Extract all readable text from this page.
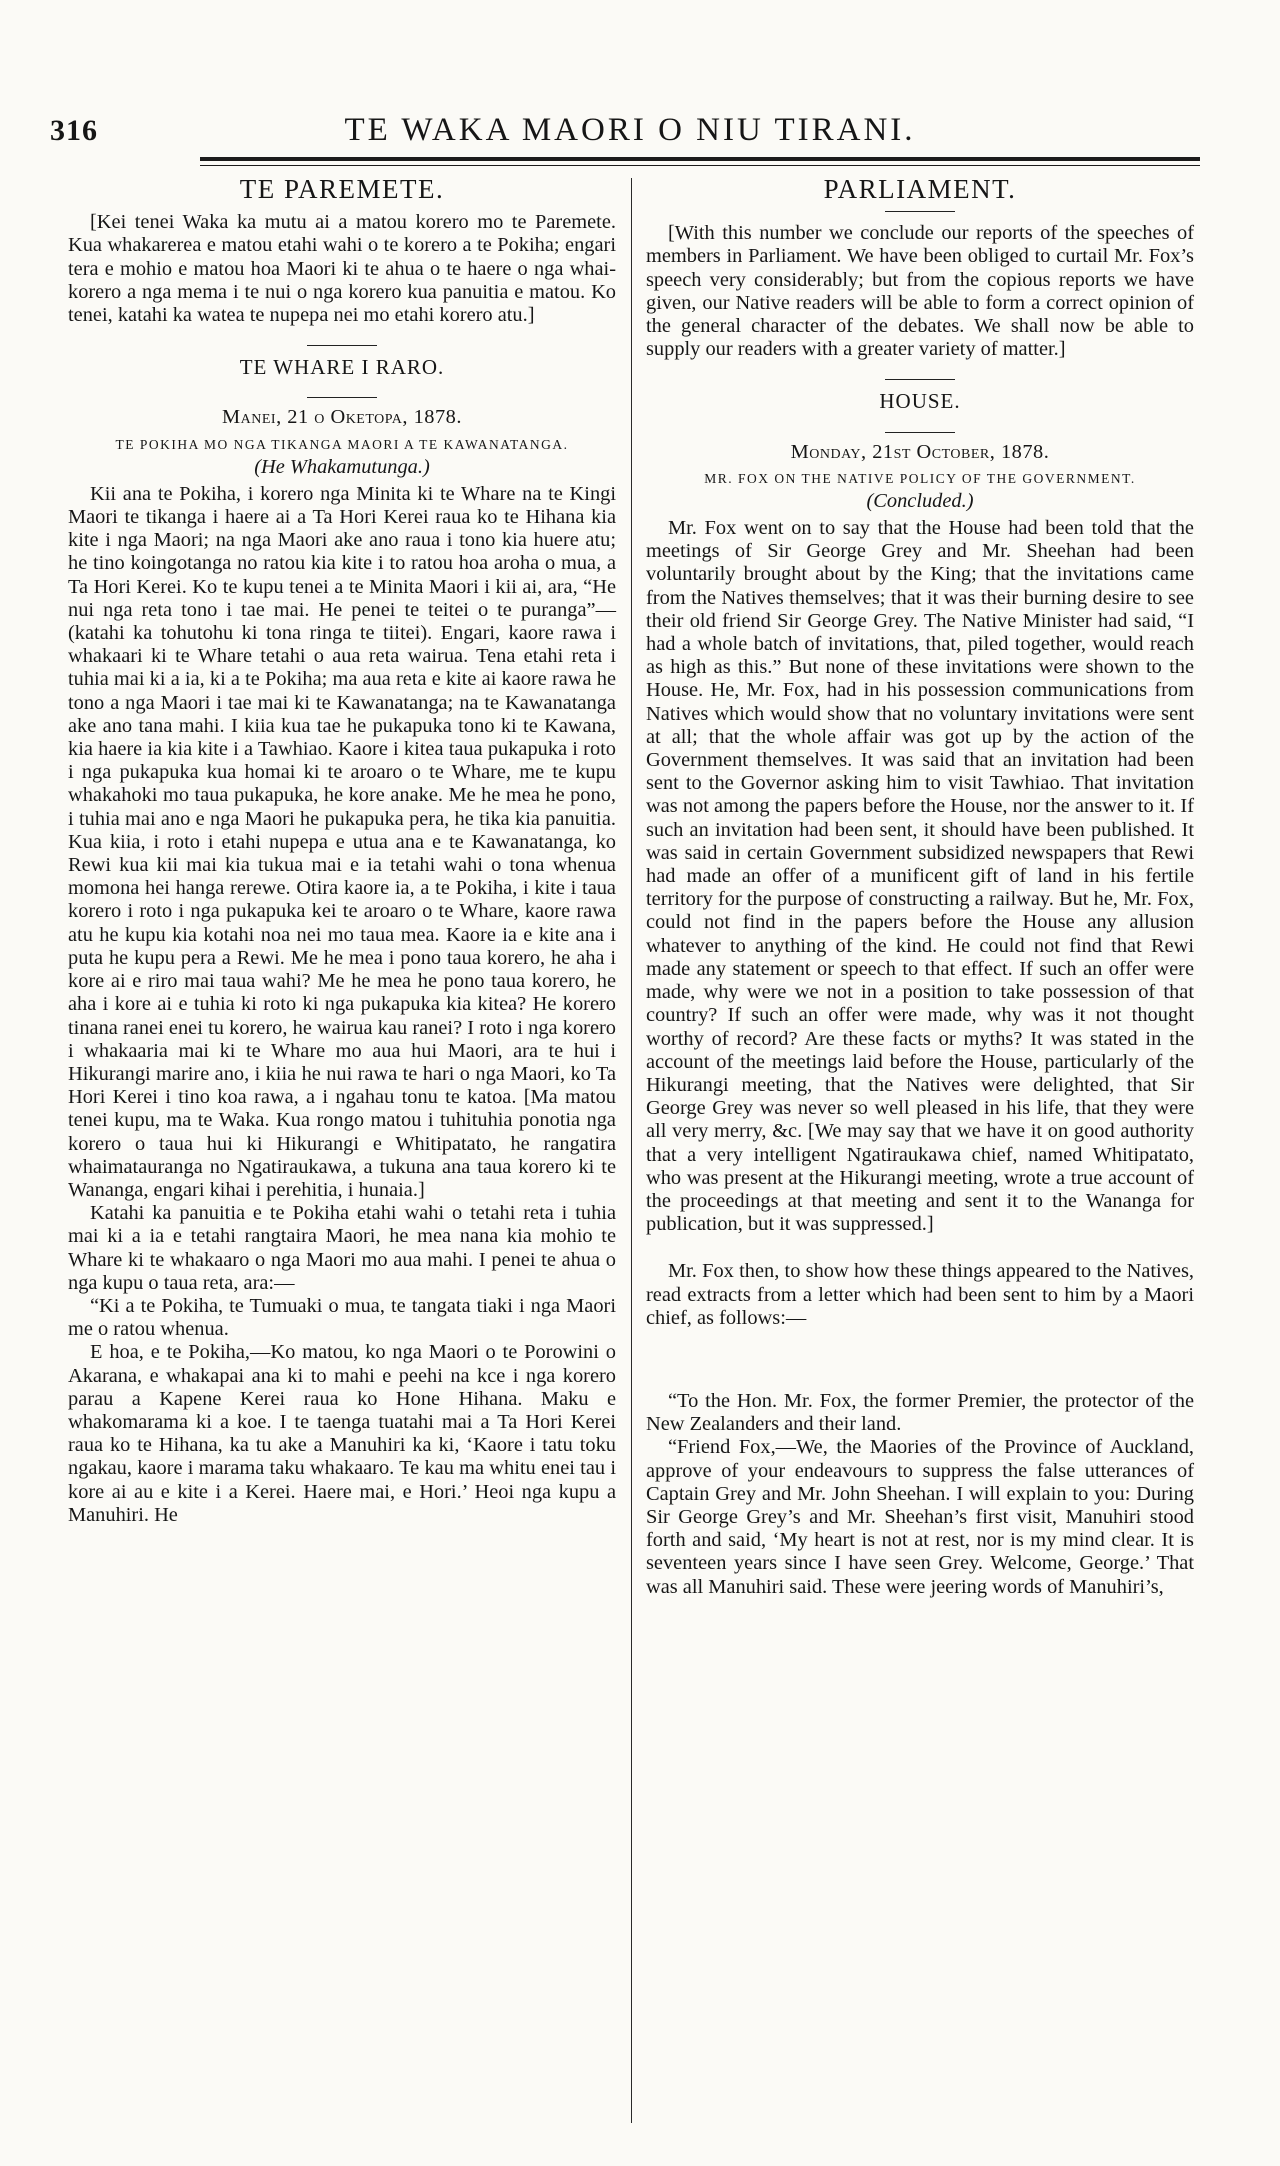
316	TE WAKA MAORI O NIU TIRANI.
TE PAREMETE.

[Kei tenei Waka ka mutu ai a matou korero mo te Paremete. Kua whakarerea e matou etahi wahi o te korero a te Pokiha; engari tera e mohio e matou hoa Maori ki te ahua o te haere o nga whai-korero a nga mema i te nui o nga korero kua panuitia e matou. Ko tenei, katahi ka watea te nupepa nei mo etahi korero atu.]

TE WHARE I RARO.
Manei, 21 o Oketopa, 1878.
TE POKIHA MO NGA TIKANGA MAORI A TE KAWANATANGA.
(He Whakamutunga.)

Kii ana te Pokiha, i korero nga Minita ki te Whare na te Kingi Maori te tikanga i haere ai a Ta Hori Kerei raua ko te Hihana kia kite i nga Maori; na nga Maori ake ano raua i tono kia huere atu; he tino koingotanga no ratou kia kite i to ratou hoa aroha o mua, a Ta Hori Kerei. Ko te kupu tenei a te Minita Maori i kii ai, ara, “He nui nga reta tono i tae mai. He penei te teitei o te puranga”—(katahi ka tohutohu ki tona ringa te tiitei). Engari, kaore rawa i whakaari ki te Whare tetahi o aua reta wairua. Tena etahi reta i tuhia mai ki a ia, ki a te Pokiha; ma aua reta e kite ai kaore rawa he tono a nga Maori i tae mai ki te Kawanatanga; na te Kawanatanga ake ano tana mahi. I kiia kua tae he pukapuka tono ki te Kawana, kia haere ia kia kite i a Tawhiao. Kaore i kitea taua pukapuka i roto i nga pukapuka kua homai ki te aroaro o te Whare, me te kupu whakahoki mo taua pukapuka, he kore anake. Me he mea he pono, i tuhia mai ano e nga Maori he pukapuka pera, he tika kia panuitia. Kua kiia, i roto i etahi nupepa e utua ana e te Kawanatanga, ko Rewi kua kii mai kia tukua mai e ia tetahi wahi o tona whenua momona hei hanga rerewe. Otira kaore ia, a te Pokiha, i kite i taua korero i roto i nga pukapuka kei te aroaro o te Whare, kaore rawa atu he kupu kia kotahi noa nei mo taua mea. Kaore ia e kite ana i puta he kupu pera a Rewi. Me he mea i pono taua korero, he aha i kore ai e riro mai taua wahi? Me he mea he pono taua korero, he aha i kore ai e tuhia ki roto ki nga pukapuka kia kitea? He korero tinana ranei enei tu korero, he wairua kau ranei? I roto i nga korero i whakaaria mai ki te Whare mo aua hui Maori, ara te hui i Hikurangi marire ano, i kiia he nui rawa te hari o nga Maori, ko Ta Hori Kerei i tino koa rawa, a i ngahau tonu te katoa. [Ma matou tenei kupu, ma te Waka. Kua rongo matou i tuhituhia ponotia nga korero o taua hui ki Hikurangi e Whitipatato, he rangatira whaimatauranga no Ngatiraukawa, a tukuna ana taua korero ki te Wananga, engari kihai i perehitia, i hunaia.]

Katahi ka panuitia e te Pokiha etahi wahi o tetahi reta i tuhia mai ki a ia e tetahi rangtaira Maori, he mea nana kia mohio te Whare ki te whakaaro o nga Maori mo aua mahi. I penei te ahua o nga kupu o taua reta, ara:—

“Ki a te Pokiha, te Tumuaki o mua, te tangata tiaki i nga Maori me o ratou whenua.

E hoa, e te Pokiha,—Ko matou, ko nga Maori o te Porowini o Akarana, e whakapai ana ki to mahi e peehi na kce i nga korero parau a Kapene Kerei raua ko Hone Hihana. Maku e whakomarama ki a koe. I te taenga tuatahi mai a Ta Hori Kerei raua ko te Hihana, ka tu ake a Manuhiri ka ki, ‘Kaore i tatu toku ngakau, kaore i marama taku whakaaro. Te kau ma whitu enei tau i kore ai au e kite i a Kerei. Haere mai, e Hori.’ Heoi nga kupu a Manuhiri. He

PARLIAMENT.

[With this number we conclude our reports of the speeches of members in Parliament. We have been obliged to curtail Mr. Fox’s speech very considerably; but from the copious reports we have given, our Native readers will be able to form a correct opinion of the general character of the debates. We shall now be able to supply our readers with a greater variety of matter.]

HOUSE.
Monday, 21st October, 1878.
MR. FOX ON THE NATIVE POLICY OF THE GOVERNMENT.
(Concluded.)

Mr. Fox went on to say that the House had been told that the meetings of Sir George Grey and Mr. Sheehan had been voluntarily brought about by the King; that the invitations came from the Natives themselves; that it was their burning desire to see their old friend Sir George Grey. The Native Minister had said, “I had a whole batch of invitations, that, piled together, would reach as high as this.” But none of these invitations were shown to the House. He, Mr. Fox, had in his possession communications from Natives which would show that no voluntary invitations were sent at all; that the whole affair was got up by the action of the Government themselves. It was said that an invitation had been sent to the Governor asking him to visit Tawhiao. That invitation was not among the papers before the House, nor the answer to it. If such an invitation had been sent, it should have been published. It was said in certain Government subsidized newspapers that Rewi had made an offer of a munificent gift of land in his fertile territory for the purpose of constructing a railway. But he, Mr. Fox, could not find in the papers before the House any allusion whatever to anything of the kind. He could not find that Rewi made any statement or speech to that effect. If such an offer were made, why were we not in a position to take possession of that country? If such an offer were made, why was it not thought worthy of record? Are these facts or myths? It was stated in the account of the meetings laid before the House, particularly of the Hikurangi meeting, that the Natives were delighted, that Sir George Grey was never so well pleased in his life, that they were all very merry, &c. [We may say that we have it on good authority that a very intelligent Ngatiraukawa chief, named Whitipatato, who was present at the Hikurangi meeting, wrote a true account of the proceedings at that meeting and sent it to the Wananga for publication, but it was suppressed.]

Mr. Fox then, to show how these things appeared to the Natives, read extracts from a letter which had been sent to him by a Maori chief, as follows:—

“To the Hon. Mr. Fox, the former Premier, the protector of the New Zealanders and their land.

“Friend Fox,—We, the Maories of the Province of Auckland, approve of your endeavours to suppress the false utterances of Captain Grey and Mr. John Sheehan. I will explain to you: During Sir George Grey’s and Mr. Sheehan’s first visit, Manuhiri stood forth and said, ‘My heart is not at rest, nor is my mind clear. It is seventeen years since I have seen Grey. Welcome, George.’ That was all Manuhiri said. These were jeering words of Manuhiri’s,
